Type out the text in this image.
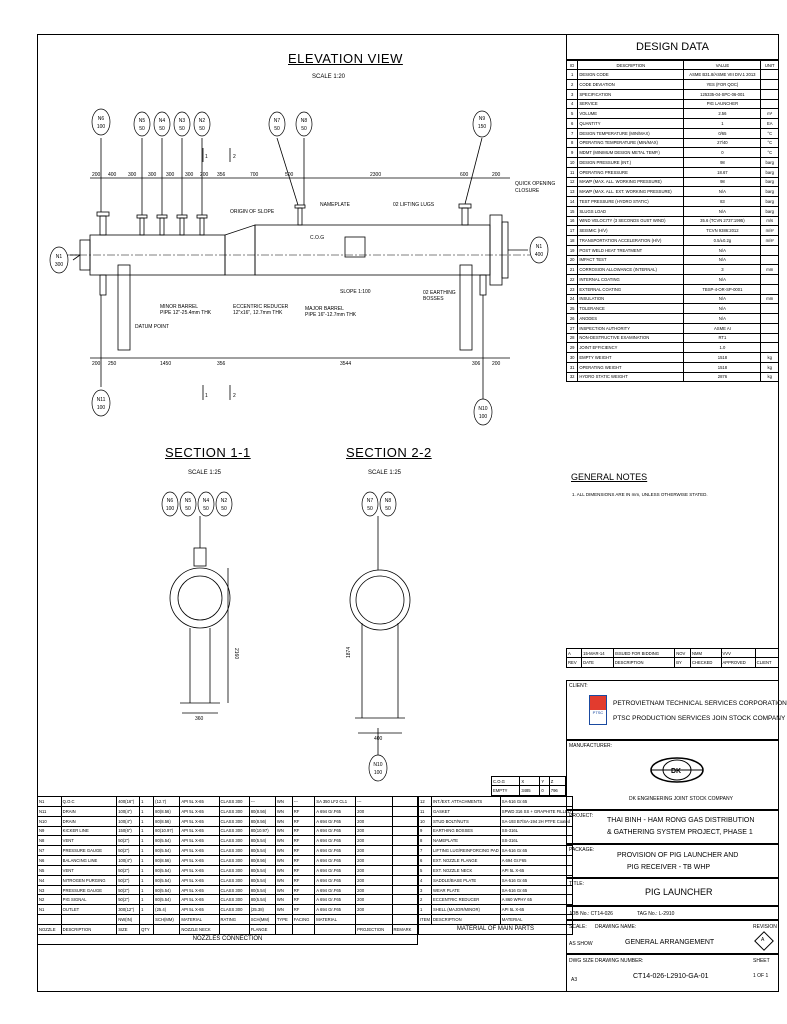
ELEVATION VIEW
SCALE 1:20
N6
100
N5
50
N4
50
N3
50
N2
50
N7
50
N8
50
N9
150
N1
300
N1
400
N11
100	N10
100
200 400 300 300 300 300 200 356	700	500	2300	600	200
200 250	1450	356	3544	306 200
1	2
1	2
ORIGIN OF SLOPE
NAMEPLATE	02 LIFTING LUGS
QUICK OPENING
CLOSURE
C.O.G
MINOR BARREL
PIPE 12"-25.4mm THK
DATUM POINT
ECCENTRIC REDUCER
12"x16", 12.7mm THK
MAJOR BARREL
PIPE 16"-12.7mm THK
SLOPE 1:100	02 EARTHING
BOSSES
SECTION 1-1
SCALE 1:25
N6
100
N5
50
N4
50
N2
50
360
2160
SECTION 2-2
SCALE 1:25
N7
50
N8
50
N10
100
400
1874
DESIGN DATA
ID	DESCRIPTION	VALUE	UNIT
1	DESIGN CODE	ASME B31.8/ASME VIII DIV.1 2013	
2	CODE DEVIATION	YES (FOR QOC)	
3	SPECIFICATION	125335-04-SPC-06-001	
4	SERVICE	PIG LAUNCHER	
5	VOLUME	2.56	m³
6	QUANTITY	1	EA
7	DESIGN TEMPERATURE (MIN/MAX)	0/65	°C
8	OPERATING TEMPERATURE (MIN/MAX)	27/40	°C
9	MDMT (MINIMUM DESIGN METAL TEMP.)	0	°C
10	DESIGN PRESSURE (INT.)	98	barg
11	OPERATING PRESSURE	18.67	barg
12	MAWP (MAX. ALL. WORKING PRESSURE)	98	barg
13	MAWP (MAX. ALL. EXT. WORKING PRESSURE)	N/A	barg
14	TEST PRESSURE (HYDRO STATIC)	83	barg
15	SLUGS LOAD	N/A	barg
16	WIND VELOCITY (3 SECONDS GUST WIND)	35.6 (TCVN 2737:1995)	m/s
17	SEISMIC (H/V)	TCVN 9386:2012	m/s²
18	TRANSPORTATION ACCELERATION (H/V)	0.5/±0.2g	m/s²
19	POST WELD HEAT TREATMENT	N/A	
20	IMPACT TEST	N/A	
21	CORROSION ALLOWANCE (INTERNAL)	3	mm
22	INTERNAL COATING	N/A	
23	EXTERNAL COATING	TBSP-4-OR-SP-0001	
24	INSULATION	N/A	mm
25	TOLERANCE	N/A	
26	ANODES	N/A	
27	INSPECTION AUTHORITY	ASME AI	
28	NON-DESTRUCTIVE EXAMINATION	RT1	
29	JOINT EFFICIENCY	1.0	
30	EMPTY WEIGHT	1518	kg
31	OPERATING WEIGHT	1518	kg
32	HYDRO STATIC WEIGHT	2876	kg
GENERAL NOTES
1. ALL DIMENSIONS ARE IN mm, UNLESS OTHERWISE STATED.
A	15-MAR-14	ISSUED FOR BIDDING	NOV	NMM	VVV	
REV	DATE	DESCRIPTION	BY	CHECKED	APPROVED	CLIENT
CLIENT:
PTSC
PETROVIETNAM TECHNICAL SERVICES CORPORATION
PTSC PRODUCTION SERVICES JOIN STOCK COMPANY
MANUFACTURER:
DK
DK ENGINEERING JOINT STOCK COMPANY
PROJECT:
THAI BINH - HAM RONG GAS DISTRIBUTION
& GATHERING SYSTEM PROJECT, PHASE 1
PACKAGE:
PROVISION OF PIG LAUNCHER AND
PIG RECEIVER - TB WHP
TITLE:
PIG LAUNCHER
JOB No.: CT14-026	TAG No.: L-2910
SCALE:
AS SHOW
DRAWING NAME:
GENERAL ARRANGEMENT
REVISION
A
DWG SIZE
A3
DRAWING NUMBER:
CT14-026-L2910-GA-01
SHEET
1 OF 1
C.O.G	X	Y	Z
EMPTY	3485	0	796
N1	Q.O.C	400(16")	1	(12.7)	API 5L X-65	CLASS 300	---	WN	---	SA 350 LF2 CL1	---	
N11	DRAIN	100(4")	1	80(8.56)	API 5L X-65	CLASS 300	80(8.56)	WN	RF	A 694 Gr.F65	200	
N10	DRAIN	100(4")	1	80(8.56)	API 5L X-65	CLASS 300	80(8.56)	WN	RF	A 694 Gr.F65	200	
N9	KICKER LINE	150(6")	1	80(10.97)	API 5L X-65	CLASS 300	80(10.97)	WN	RF	A 694 Gr.F65	200	
N8	VENT	50(2")	1	80(5.54)	API 5L X-65	CLASS 300	80(5.54)	WN	RF	A 694 Gr.F65	200	
N7	PRESSURE GAUGE	50(2")	1	80(5.54)	API 5L X-65	CLASS 300	80(5.54)	WN	RF	A 694 Gr.F65	200	
N6	BALANCING LINE	100(4")	1	80(8.56)	API 5L X-65	CLASS 300	80(8.56)	WN	RF	A 694 Gr.F65	200	
N5	VENT	50(2")	1	80(5.54)	API 5L X-65	CLASS 300	80(5.54)	WN	RF	A 694 Gr.F65	200	
N4	NITROGEN PURGING	50(2")	1	80(5.54)	API 5L X-65	CLASS 300	80(5.54)	WN	RF	A 694 Gr.F65	200	
N3	PRESSURE GAUGE	50(2")	1	80(5.54)	API 5L X-65	CLASS 300	80(5.54)	WN	RF	A 694 Gr.F65	200	
N2	PIG SIGNAL	50(2")	1	80(5.54)	API 5L X-65	CLASS 300	80(5.54)	WN	RF	A 694 Gr.F65	200	
N1	OUTLET	300(12")	1	(25.4)	API 5L X-65	CLASS 300	(25.38)	WN	RF	A 694 Gr.F65	200	
		NW(IN)		SCH(MM)	MATERIAL	RATING	SCH(MM)	TYPE	FACING	MATERIAL		
NOZZLE	DESCRIPTION	SIZE	QTY		NOZZLE NECK		FLANGE				PROJECTION	REMARK
NOZZLES CONNECTION												
12	INT./EXT. ATTACHMENTS	SA-516 Gr.65
11	GASKET	SPWD 316 SS + GRAPHITE FILLED
10	STUD BOLT/NUTS	SA-193 B7/SA-194 2H PTFE Coated
9	EARTHING BOSSES	SS-316L
8	NAMEPLATE	SS-316L
7	LIFTING LUG/REINFORCING PAD	SA-516 Gr.65
6	EXT. NOZZLE FLANGE	A 694 Gr.F65
5	EXT. NOZZLE NECK	API 5L X-65
4	SADDLE/BASE PLATE	SA-516 Gr.65
3	WEAR PLATE	SA-516 Gr.65
2	ECCENTRIC REDUCER	A 860 WPHY 65
1	SHELL (MAJOR/MINOR)	API 5L X-65
ITEM	DESCRIPTION	MATERIAL
MATERIAL OF MAIN PARTS		
